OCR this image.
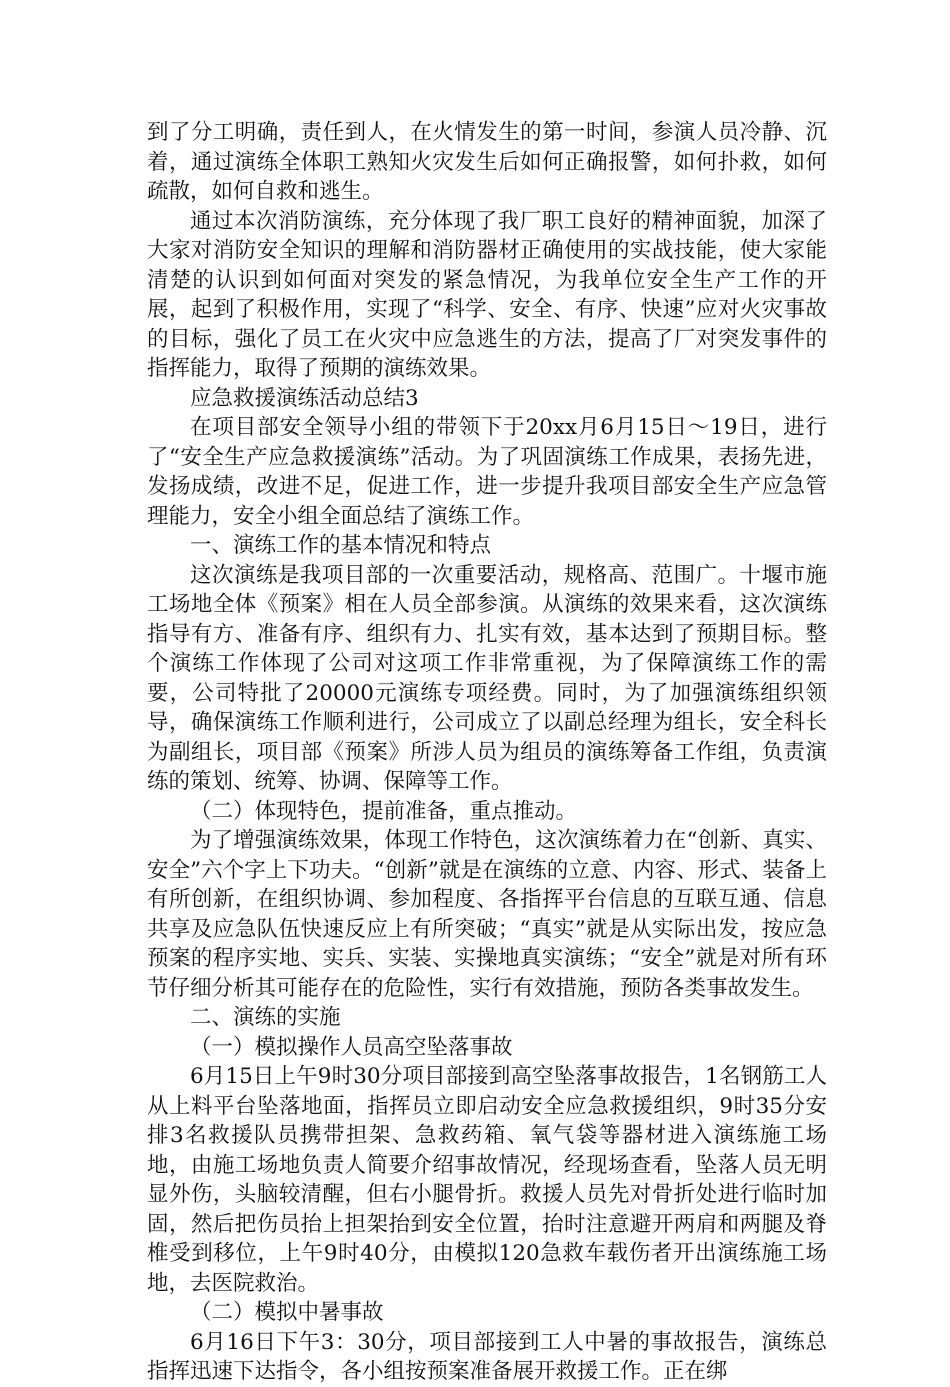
到了分工明确，责任到人，在火情发生的第一时间，参演人员冷静、沉着，通过演练全体职工熟知火灾发生后如何正确报警，如何扑救，如何疏散，如何自救和逃生。

通过本次消防演练，充分体现了我厂职工良好的精神面貌，加深了大家对消防安全知识的理解和消防器材正确使用的实战技能，使大家能清楚的认识到如何面对突发的紧急情况，为我单位安全生产工作的开展，起到了积极作用，实现了“科学、安全、有序、快速”应对火灾事故的目标，强化了员工在火灾中应急逃生的方法，提高了厂对突发事件的指挥能力，取得了预期的演练效果。

应急救援演练活动总结3

在项目部安全领导小组的带领下于20xx月6月15日～19日，进行了“安全生产应急救援演练”活动。为了巩固演练工作成果，表扬先进，发扬成绩，改进不足，促进工作，进一步提升我项目部安全生产应急管理能力，安全小组全面总结了演练工作。

一、演练工作的基本情况和特点

这次演练是我项目部的一次重要活动，规格高、范围广。十堰市施工场地全体《预案》相在人员全部参演。从演练的效果来看，这次演练指导有方、准备有序、组织有力、扎实有效，基本达到了预期目标。整个演练工作体现了公司对这项工作非常重视，为了保障演练工作的需要，公司特批了20000元演练专项经费。同时，为了加强演练组织领导，确保演练工作顺利进行，公司成立了以副总经理为组长，安全科长为副组长，项目部《预案》所涉人员为组员的演练筹备工作组，负责演练的策划、统筹、协调、保障等工作。

（二）体现特色，提前准备，重点推动。

为了增强演练效果，体现工作特色，这次演练着力在“创新、真实、安全”六个字上下功夫。“创新”就是在演练的立意、内容、形式、装备上有所创新，在组织协调、参加程度、各指挥平台信息的互联互通、信息共享及应急队伍快速反应上有所突破；“真实”就是从实际出发，按应急预案的程序实地、实兵、实装、实操地真实演练；“安全”就是对所有环节仔细分析其可能存在的危险性，实行有效措施，预防各类事故发生。

二、演练的实施

（一）模拟操作人员高空坠落事故

6月15日上午9时30分项目部接到高空坠落事故报告，1名钢筋工人从上料平台坠落地面，指挥员立即启动安全应急救援组织，9时35分安排3名救援队员携带担架、急救药箱、氧气袋等器材进入演练施工场地，由施工场地负责人简要介绍事故情况，经现场查看，坠落人员无明显外伤，头脑较清醒，但右小腿骨折。救援人员先对骨折处进行临时加固，然后把伤员抬上担架抬到安全位置，抬时注意避开两肩和两腿及脊椎受到移位，上午9时40分，由模拟120急救车载伤者开出演练施工场地，去医院救治。

（二）模拟中暑事故

6月16日下午3：30分，项目部接到工人中暑的事故报告，演练总指挥迅速下达指令，各小组按预案准备展开救援工作。正在绑
